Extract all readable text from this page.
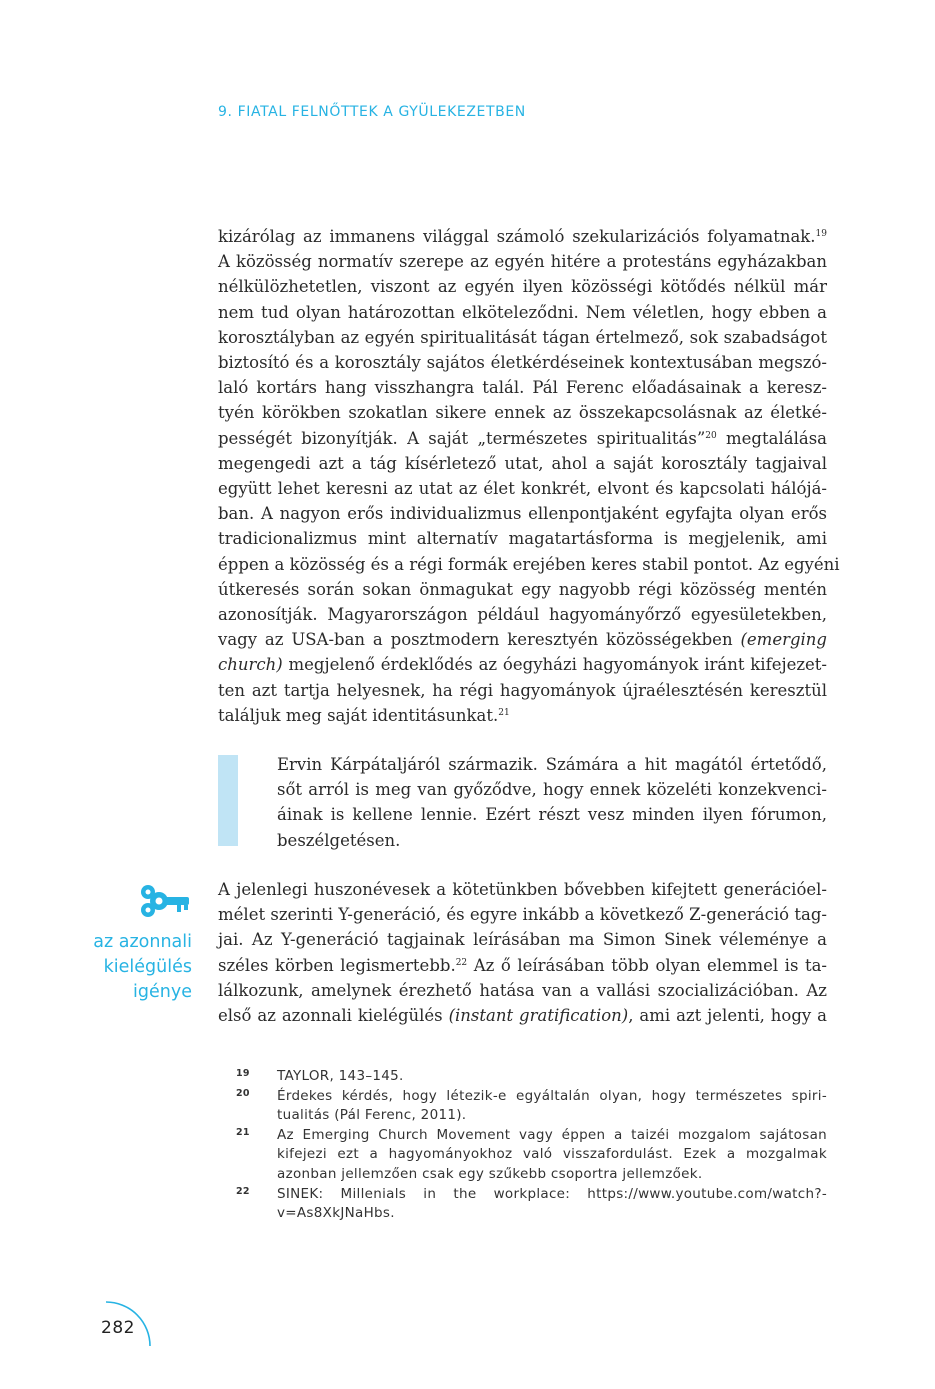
9. FIATAL FELNŐTTEK A GYÜLEKEZETBEN
kizárólag az immanens világgal számoló szekularizációs folyamatnak.$^{19}$
A közösség normatív szerepe az egyén hitére a protestáns egyházakban
nélkülözhetetlen, viszont az egyén ilyen közösségi kötődés nélkül már
nem tud olyan határozottan elköteleződni. Nem véletlen, hogy ebben a
korosztályban az egyén spiritualitását tágan értelmező, sok szabadságot
biztosító és a korosztály sajátos életkérdéseinek kontextusában megszó-
laló kortárs hang visszhangra talál. Pál Ferenc előadásainak a keresz-
tyén körökben szokatlan sikere ennek az összekapcsolásnak az életké-
pességét bizonyítják. A saját „természetes spiritualitás”$^{20}$ megtalálása
megengedi azt a tág kísérletező utat, ahol a saját korosztály tagjaival
együtt lehet keresni az utat az élet konkrét, elvont és kapcsolati hálójá-
ban. A nagyon erős individualizmus ellenpontjaként egyfajta olyan erős
tradicionalizmus mint alternatív magatartásforma is megjelenik, ami
éppen a közösség és a régi formák erejében keres stabil pontot. Az egyéni
útkeresés során sokan önmagukat egy nagyobb régi közösség mentén
azonosítják. Magyarországon például hagyományőrző egyesületekben,
vagy az USA-ban a posztmodern keresztyén közösségekben (emerging
church) megjelenő érdeklődés az óegyházi hagyományok iránt kifejezet-
ten azt tartja helyesnek, ha régi hagyományok újraélesztésén keresztül
találjuk meg saját identitásunkat.$^{21}$
Ervin Kárpátaljáról származik. Számára a hit magától értetődő,
sőt arról is meg van győződve, hogy ennek közeléti konzekvenci-
áinak is kellene lennie. Ezért részt vesz minden ilyen fórumon,
beszélgetésen.
az azonnali
kielégülés
igénye
A jelenlegi huszonévesek a kötetünkben bővebben kifejtett generációel-
mélet szerinti Y-generáció, és egyre inkább a következő Z-generáció tag-
jai. Az Y-generáció tagjainak leírásában ma Simon Sinek véleménye a
széles körben legismertebb.$^{22}$ Az ő leírásában több olyan elemmel is ta-
lálkozunk, amelynek érezhető hatása van a vallási szocializációban. Az
első az azonnali kielégülés (instant gratification), ami azt jelenti, hogy a
19 TAYLOR, 143–145.
20 Érdekes kérdés, hogy létezik-e egyáltalán olyan, hogy természetes spiri-
tualitás (Pál Ferenc, 2011).
21 Az Emerging Church Movement vagy éppen a taizéi mozgalom sajátosan
kifejezi ezt a hagyományokhoz való visszafordulást. Ezek a mozgalmak
azonban jellemzően csak egy szűkebb csoportra jellemzőek.
22 SINEK: Millenials in the workplace: https://www.youtube.com/watch?-
v=As8XkJNaHbs.
282
